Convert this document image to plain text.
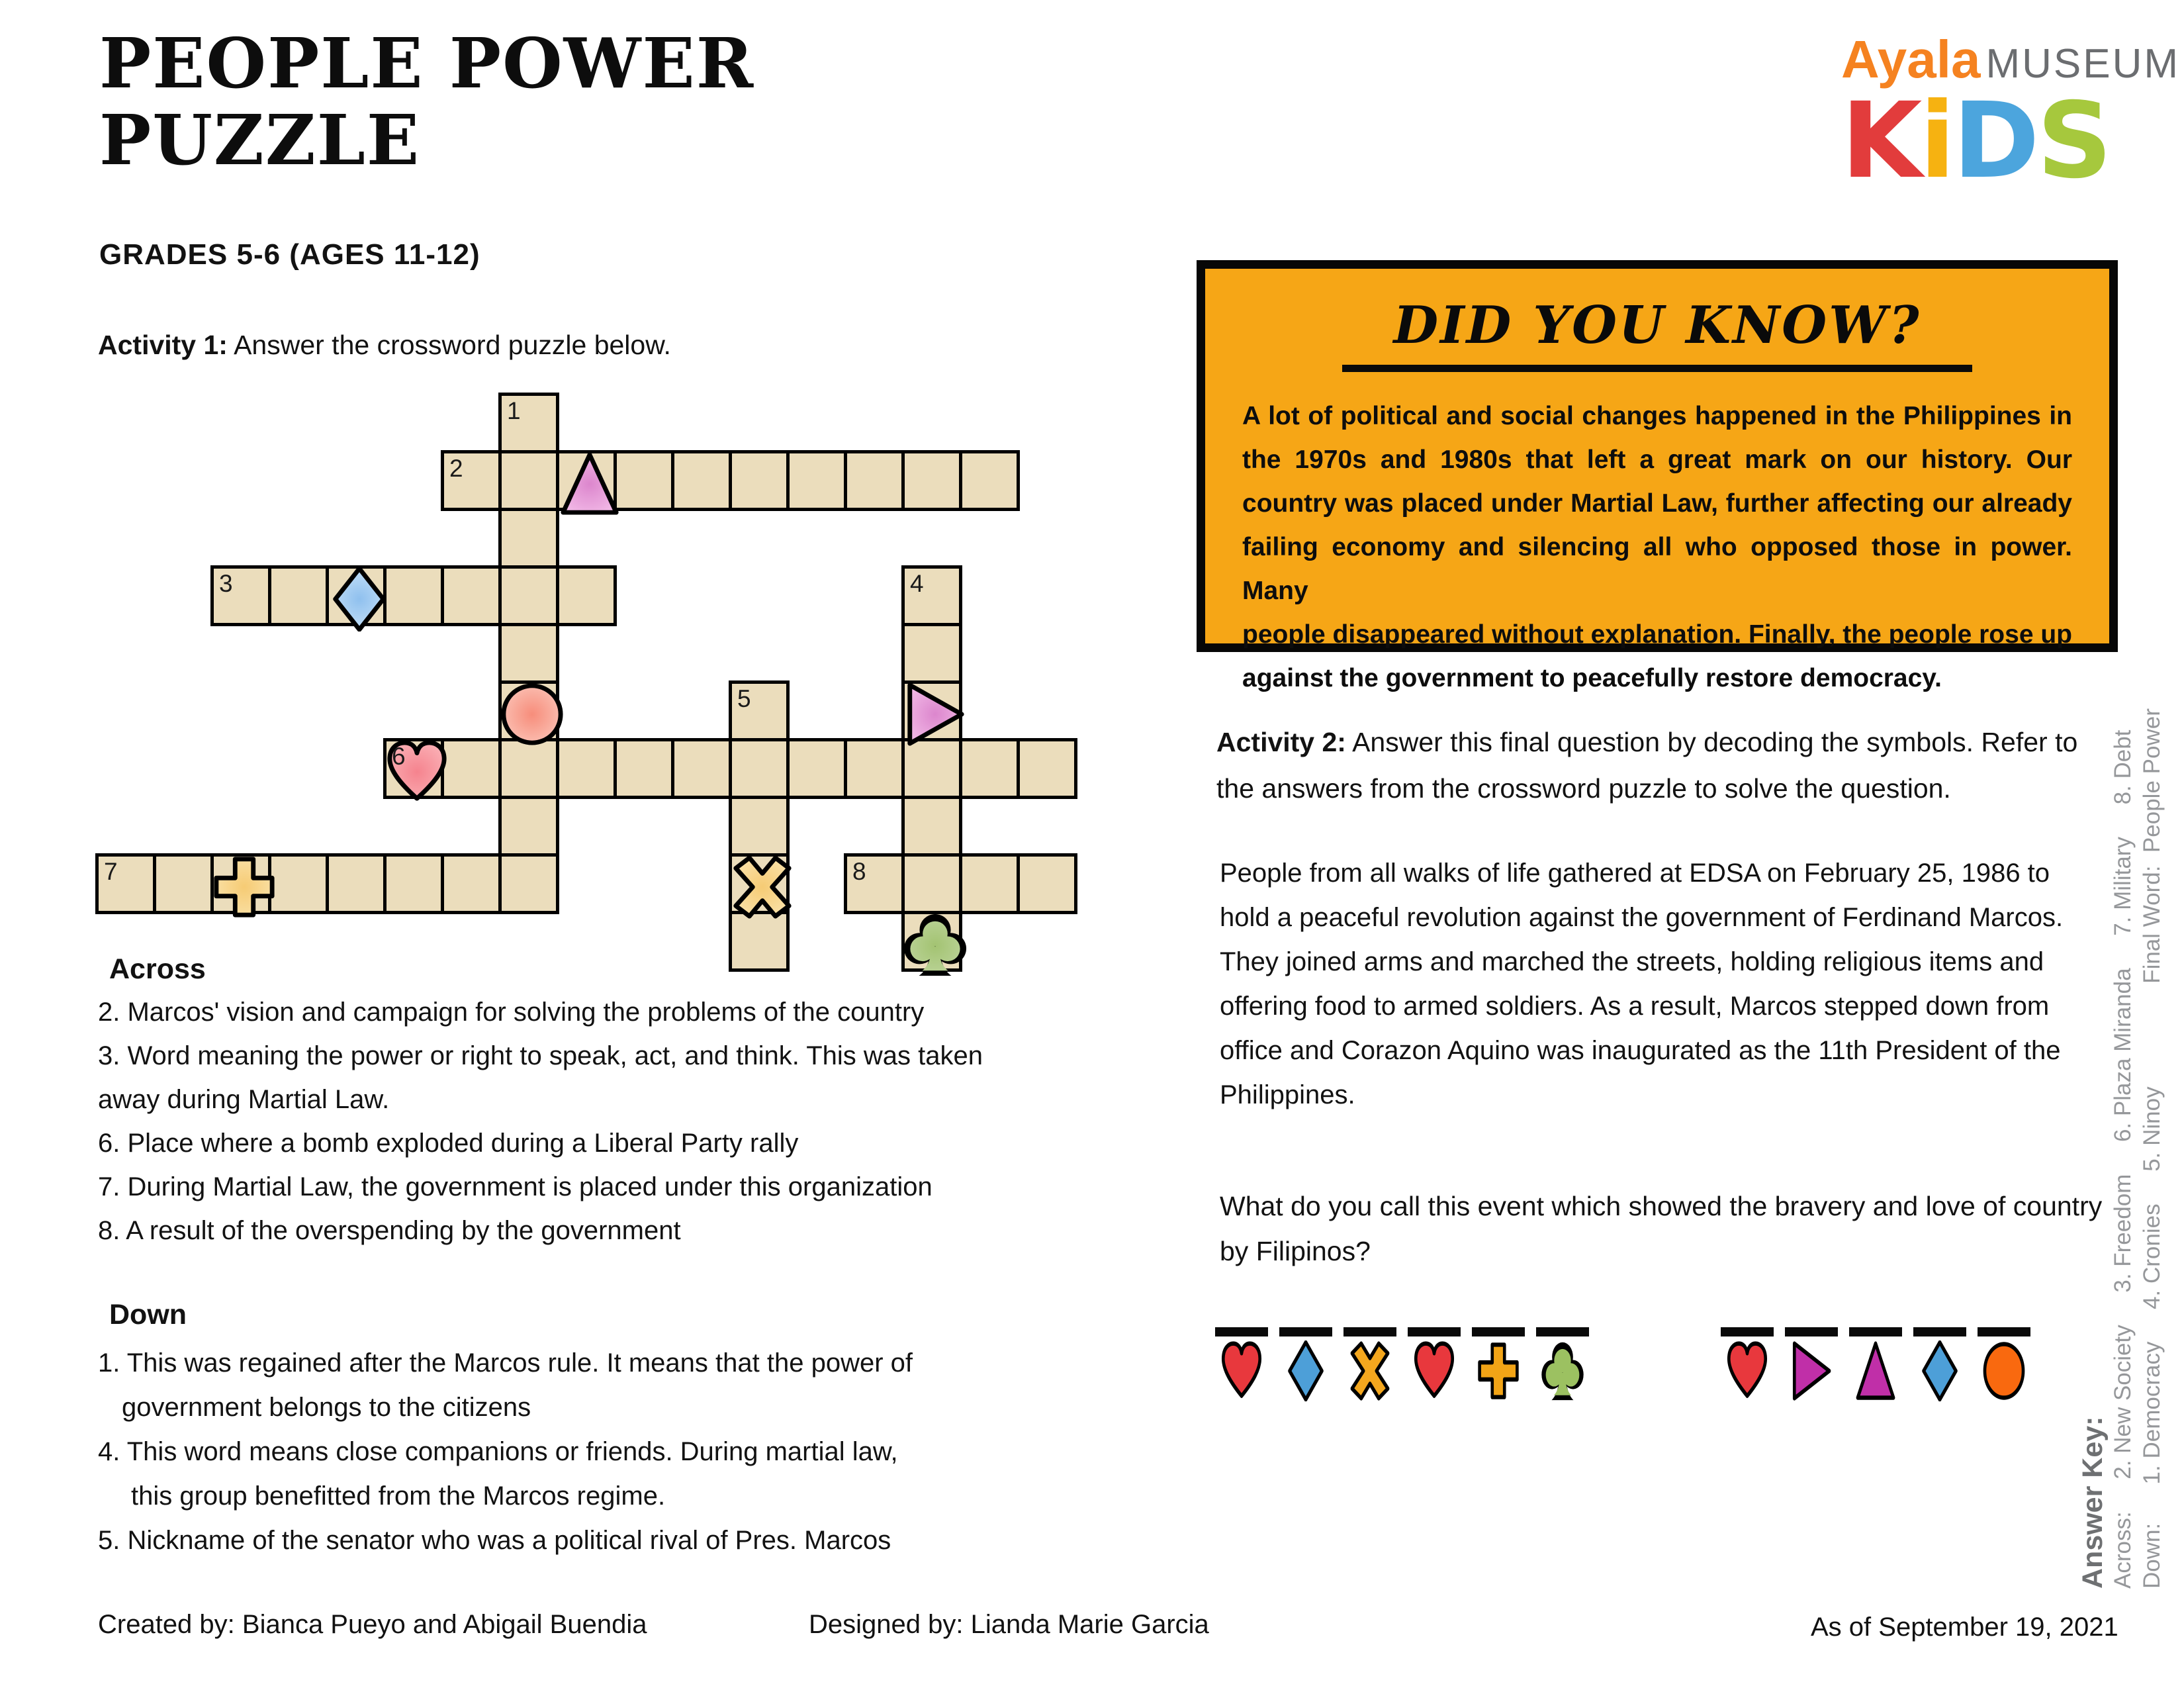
PEOPLE POWER
PUZZLE
GRADES 5-6 (AGES 11-12)
Ayala MUSEUM
KiDS
Activity 1: Answer the crossword puzzle below.
1
2
3	4
5
6
7	8
Across
2. Marcos' vision and campaign for solving the problems of the country
3. Word meaning the power or right to speak, act, and think. This was taken
away during Martial Law.
6. Place where a bomb exploded during a Liberal Party rally
7. During Martial Law, the government is placed under this organization
8. A result of the overspending by the government
Down
1. This was regained after the Marcos rule. It means that the power of
government belongs to the citizens
4. This word means close companions or friends. During martial law,
this group benefitted from the Marcos regime.
5. Nickname of the senator who was a political rival of Pres. Marcos
DID YOU KNOW?
A lot of political and social changes happened in the Philippines in
the 1970s and 1980s that left a great mark on our history. Our
country was placed under Martial Law, further affecting our already
failing economy and silencing all who opposed those in power. Many
people disappeared without explanation. Finally, the people rose up
against the government to peacefully restore democracy.
Activity 2: Answer this final question by decoding the symbols. Refer to
the answers from the crossword puzzle to solve the question.
People from all walks of life gathered at EDSA on February 25, 1986 to
hold a peaceful revolution against the government of Ferdinand Marcos.
They joined arms and marched the streets, holding religious items and
offering food to armed soldiers. As a result, Marcos stepped down from
office and Corazon Aquino was inaugurated as the 11th President of the
Philippines.
What do you call this event which showed the bravery and love of country
by Filipinos?
Answer Key: Across:     2. New Society     3. Freedom     6. Plaza Miranda     7. Military     8. Debt Down:      1. Democracy     4. Cronies     5. Ninoy                Final Word:  People Power
Created by: Bianca Pueyo and Abigail Buendia	Designed by: Lianda Marie Garcia	As of September 19, 2021
